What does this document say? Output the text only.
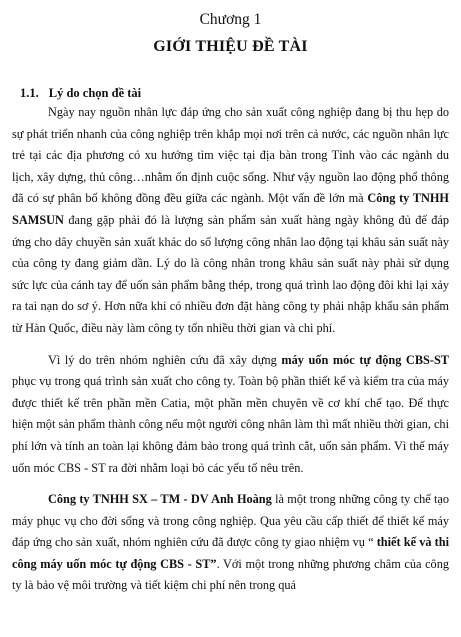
Chương 1
GIỚI THIỆU ĐỀ TÀI
1.1. Lý do chọn đề tài

Ngày nay nguồn nhân lực đáp ứng cho sản xuất công nghiệp đang bị thu hẹp do sự phát triển nhanh của công nghiệp trên khắp mọi nơi trên cả nước, các nguồn nhân lực trẻ tại các địa phương có xu hướng tìm việc tại địa bàn trong Tỉnh vào các ngành du lịch, xây dựng, thủ công…nhằm ổn định cuộc sống. Như vậy nguồn lao động phổ thông đã có sự phân bố không đồng đều giữa các ngành. Một vấn đề lớn mà Công ty TNHH SAMSUN đang gặp phải đó là lượng sản phẩm sản xuất hàng ngày không đủ để đáp ứng cho dây chuyền sản xuất khác do số lượng công nhân lao động tại khâu sản suất này của công ty đang giảm dần. Lý do là công nhân trong khâu sản suất này phải sử dụng sức lực của cánh tay để uốn sản phẩm bằng thép, trong quá trình lao động đôi khi lại xảy ra tai nạn do sơ ý. Hơn nữa khi có nhiều đơn đặt hàng công ty phải nhập khẩu sản phẩm từ Hàn Quốc, điều này làm công ty tốn nhiều thời gian và chi phí.

Vì lý do trên nhóm nghiên cứu đã xây dựng máy uốn móc tự động CBS-ST phục vụ trong quá trình sản xuất cho công ty. Toàn bộ phần thiết kế và kiểm tra của máy được thiết kế trên phần mền Catia, một phần mền chuyên về cơ khí chế tạo. Để thực hiện một sản phẩm thành công nếu một người công nhân làm thì mất nhiều thời gian, chi phí lớn và tính an toàn lại không đảm bảo trong quá trình cắt, uốn sản phẩm. Vì thế máy uốn móc CBS - ST ra đời nhằm loại bỏ các yếu tố nêu trên.

Công ty TNHH SX – TM - DV Anh Hoàng là một trong những công ty chế tạo máy phục vụ cho đời sống và trong công nghiệp. Qua yêu cầu cấp thiết để thiết kế máy đáp ứng cho sản xuất, nhóm nghiên cứu đã được công ty giao nhiệm vụ “ thiết kế và thi công máy uốn móc tự động CBS - ST”. Với một trong những phương châm của công ty là bảo vệ môi trường và tiết kiệm chi phí nên trong quá
